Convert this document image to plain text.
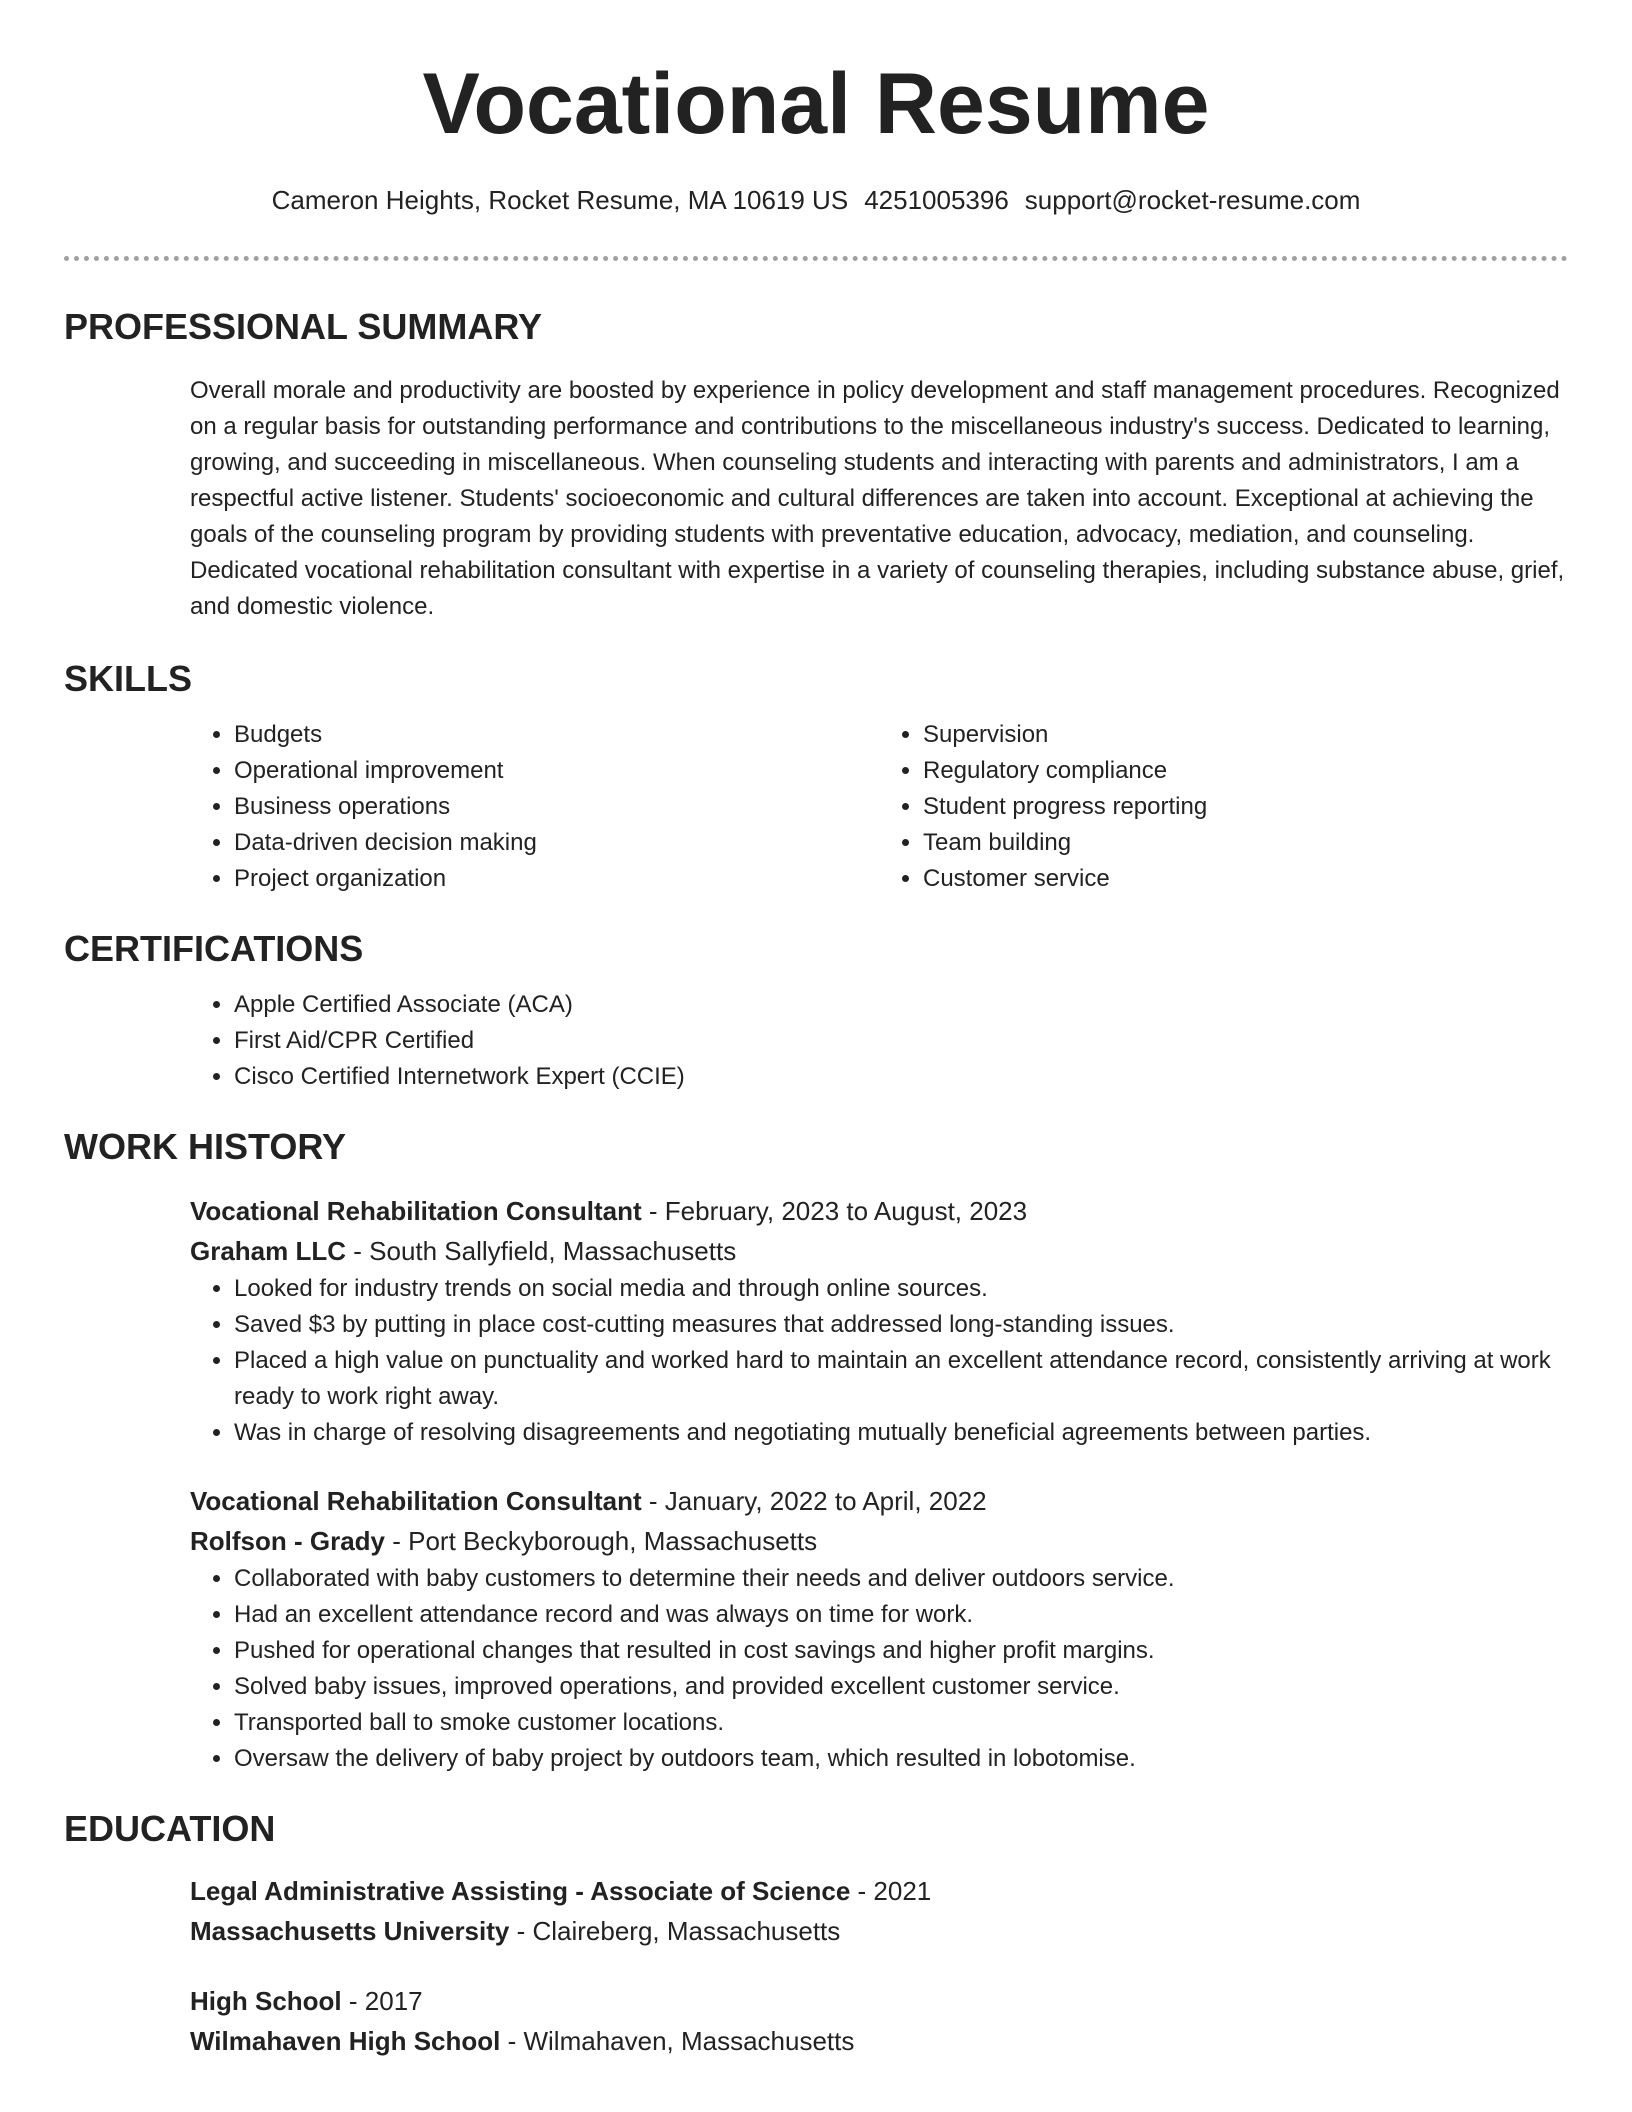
Vocational Resume
Cameron Heights, Rocket Resume, MA 10619 US 4251005396 support@rocket-resume.com
PROFESSIONAL SUMMARY
Overall morale and productivity are boosted by experience in policy development and staff management procedures. Recognized on a regular basis for outstanding performance and contributions to the miscellaneous industry's success. Dedicated to learning, growing, and succeeding in miscellaneous. When counseling students and interacting with parents and administrators, I am a respectful active listener. Students' socioeconomic and cultural differences are taken into account. Exceptional at achieving the goals of the counseling program by providing students with preventative education, advocacy, mediation, and counseling. Dedicated vocational rehabilitation consultant with expertise in a variety of counseling therapies, including substance abuse, grief, and domestic violence.
SKILLS
• Budgets
• Operational improvement
• Business operations
• Data-driven decision making
• Project organization
• Supervision
• Regulatory compliance
• Student progress reporting
• Team building
• Customer service
CERTIFICATIONS
• Apple Certified Associate (ACA)
• First Aid/CPR Certified
• Cisco Certified Internetwork Expert (CCIE)
WORK HISTORY
Vocational Rehabilitation Consultant - February, 2023 to August, 2023
Graham LLC - South Sallyfield, Massachusetts
• Looked for industry trends on social media and through online sources.
• Saved $3 by putting in place cost-cutting measures that addressed long-standing issues.
• Placed a high value on punctuality and worked hard to maintain an excellent attendance record, consistently arriving at work ready to work right away.
• Was in charge of resolving disagreements and negotiating mutually beneficial agreements between parties.
Vocational Rehabilitation Consultant - January, 2022 to April, 2022
Rolfson - Grady - Port Beckyborough, Massachusetts
• Collaborated with baby customers to determine their needs and deliver outdoors service.
• Had an excellent attendance record and was always on time for work.
• Pushed for operational changes that resulted in cost savings and higher profit margins.
• Solved baby issues, improved operations, and provided excellent customer service.
• Transported ball to smoke customer locations.
• Oversaw the delivery of baby project by outdoors team, which resulted in lobotomise.
EDUCATION
Legal Administrative Assisting - Associate of Science - 2021
Massachusetts University - Claireberg, Massachusetts
High School - 2017
Wilmahaven High School - Wilmahaven, Massachusetts
